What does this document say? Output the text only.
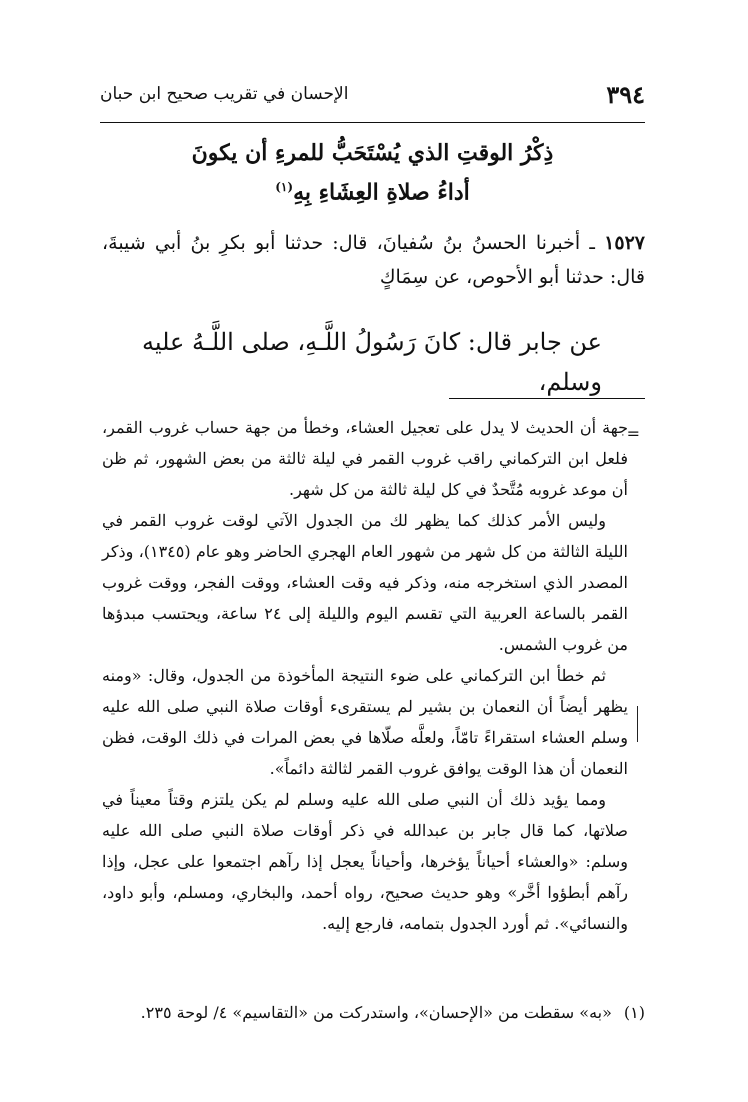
٣٩٤
الإحسان في تقريب صحيح ابن حبان
ذِكْرُ الوقتِ الذي يُسْتَحَبُّ للمرءِ أن يكونَ
أداءُ صلاةِ العِشَاءِ بِهِ$^{(١)}$
١٥٢٧ ـ أخبرنا الحسنُ بنُ سُفيانَ، قال: حدثنا أبو بكرِ بنُ أبي شيبةَ، قال: حدثنا أبو الأحوص، عن سِمَاكٍ
عن جابر قال: كانَ رَسُولُ اللَّـهِ، صلى اللَّـهُ عليه وسلم،
=

جهة أن الحديث لا يدل على تعجيل العشاء، وخطأ من جهة حساب غروب القمر، فلعل ابن التركماني راقب غروب القمر في ليلة ثالثة من بعض الشهور، ثم ظن أن موعد غروبه مُتَّحدٌ في كل ليلة ثالثة من كل شهر.

وليس الأمر كذلك كما يظهر لك من الجدول الآتي لوقت غروب القمر في الليلة الثالثة من كل شهر من شهور العام الهجري الحاضر وهو عام (١٣٤٥)، وذكر المصدر الذي استخرجه منه، وذكر فيه وقت العشاء، ووقت الفجر، ووقت غروب القمر بالساعة العربية التي تقسم اليوم والليلة إلى ٢٤ ساعة، ويحتسب مبدؤها من غروب الشمس.

ثم خطأ ابن التركماني على ضوء النتيجة المأخوذة من الجدول، وقال: «ومنه يظهر أيضاً أن النعمان بن بشير لم يستقرىء أوقات صلاة النبي صلى الله عليه وسلم العشاء استقراءً تامّاً، ولعلَّه صلّاها في بعض المرات في ذلك الوقت، فظن النعمان أن هذا الوقت يوافق غروب القمر لثالثة دائماً».

ومما يؤيد ذلك أن النبي صلى الله عليه وسلم لم يكن يلتزم وقتاً معيناً في صلاتها، كما قال جابر بن عبدالله في ذكر أوقات صلاة النبي صلى الله عليه وسلم: «والعشاء أحياناً يؤخرها، وأحياناً يعجل إذا رآهم اجتمعوا على عجل، وإذا رآهم أبطؤوا أخَّر» وهو حديث صحيح، رواه أحمد، والبخاري، ومسلم، وأبو داود، والنسائي». ثم أورد الجدول بتمامه، فارجع إليه.

(١)«به» سقطت من «الإحسان»، واستدركت من «التقاسيم» ٤/ لوحة ٢٣٥.
